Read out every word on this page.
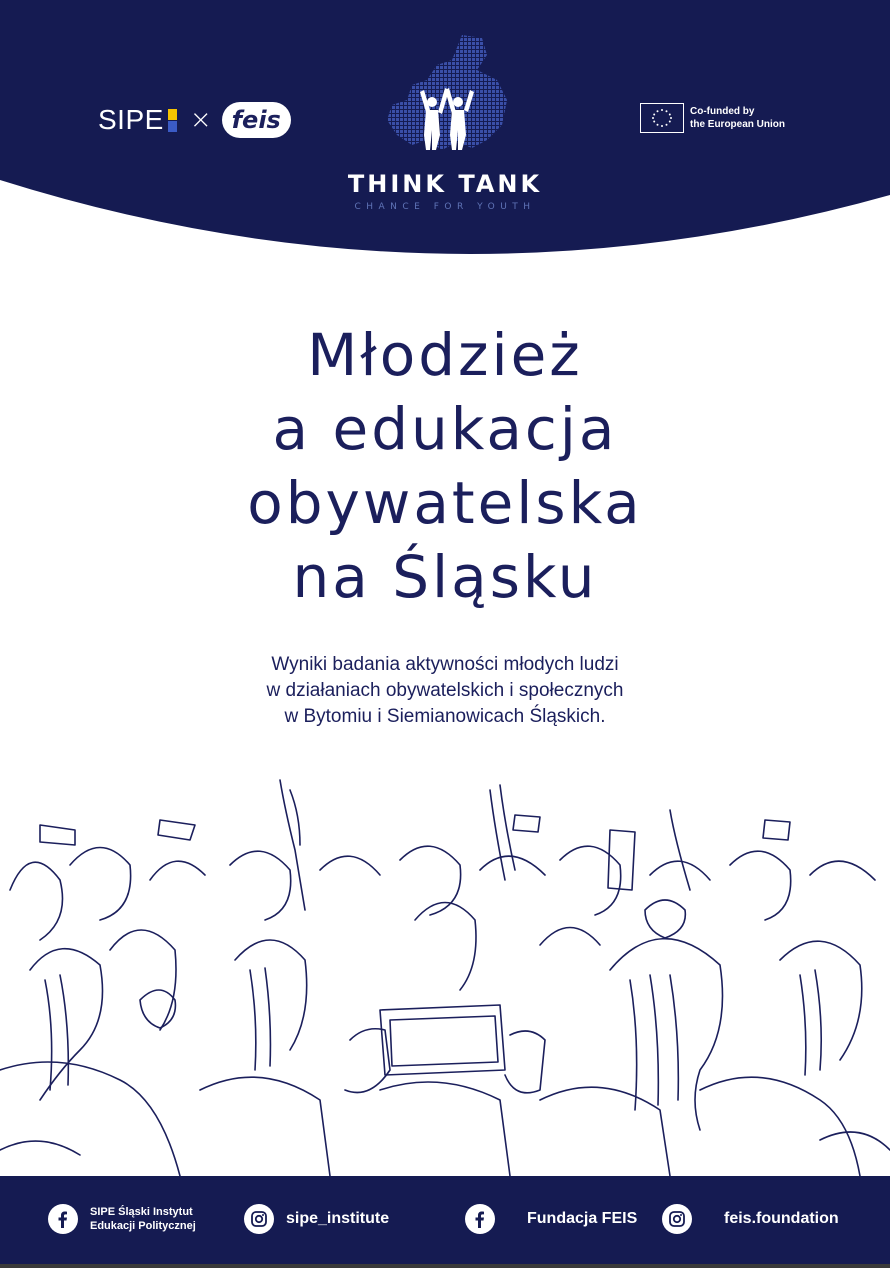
SIPE × feis
THINK TANK
CHANCE FOR YOUTH
Co-funded by
the European Union
Młodzież
a edukacja
obywatelska
na Śląsku
Wyniki badania aktywności młodych ludzi
w działaniach obywatelskich i społecznych
w Bytomiu i Siemianowicach Śląskich.
SIPE Śląski Instytut
Edukacji Politycznej	sipe_institute	Fundacja FEIS	feis.foundation
